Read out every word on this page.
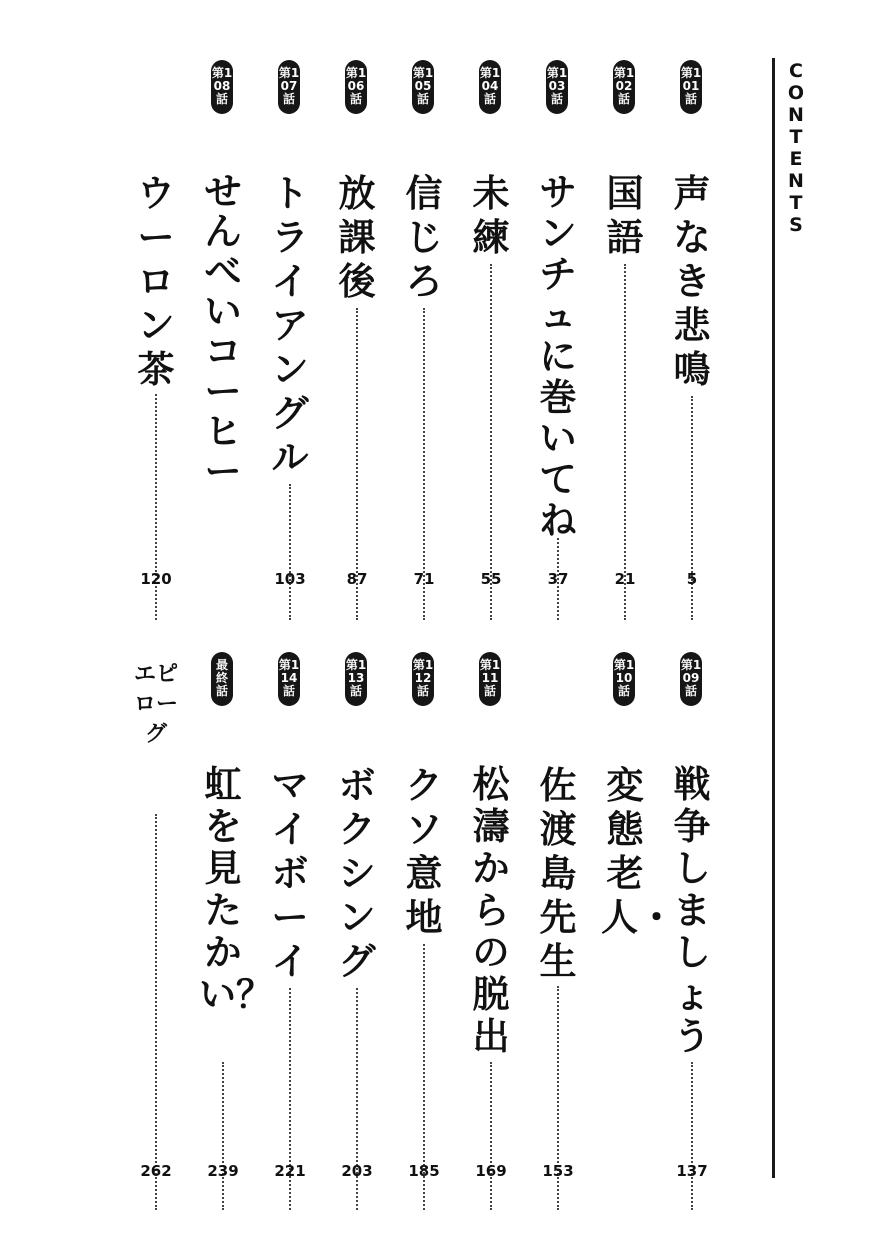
CONTENTS
第101話
声なき悲鳴
5
第102話
国語
21
第103話
サンチュに巻いてね
37
第104話
未練
55
第105話
信じろ
71
第106話
放課後
87
第107話
トライアングル
103
第108話
せんべいコーヒー
ウーロン茶
120
第109話
戦争しましょう
137
第110話
変態老人・
佐渡島先生
153
第111話
松濤からの脱出
169
第112話
クソ意地
185
第113話
ボクシング
203
第114話
マイボーイ
221
最終話
虹を見たかい？
239
エピローグ
262
